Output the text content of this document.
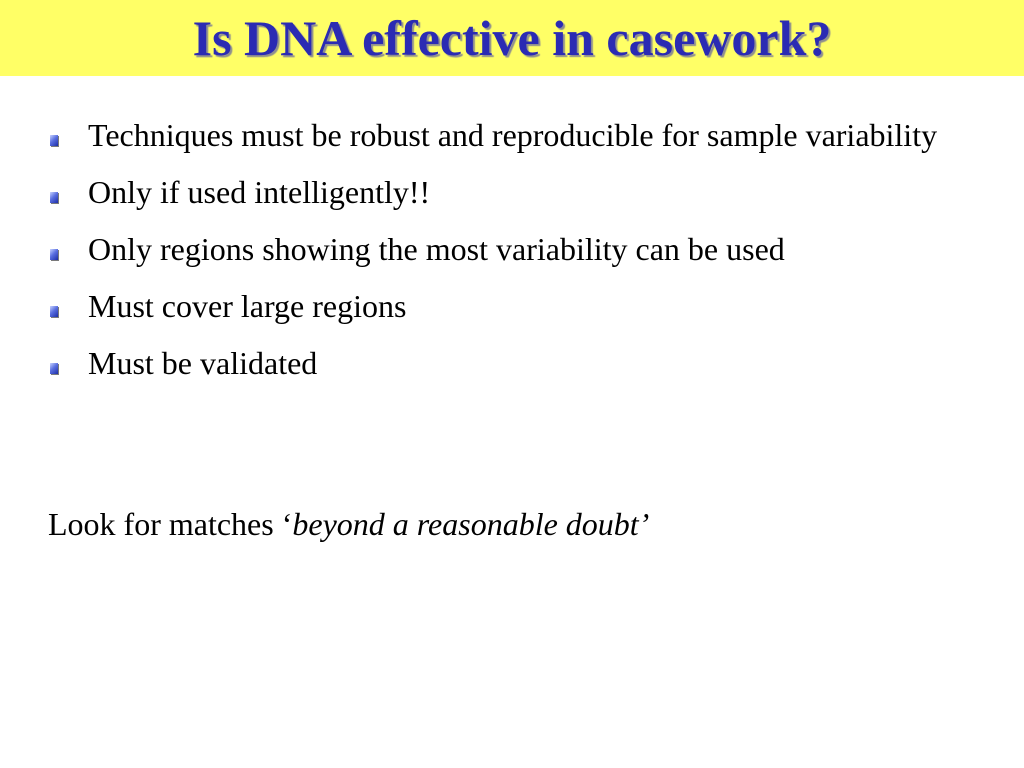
Is DNA effective in casework?
Techniques must be robust and reproducible for sample variability
Only if used intelligently!!
Only regions showing the most variability can be used
Must cover large regions
Must be validated

Look for matches ‘beyond a reasonable doubt’
